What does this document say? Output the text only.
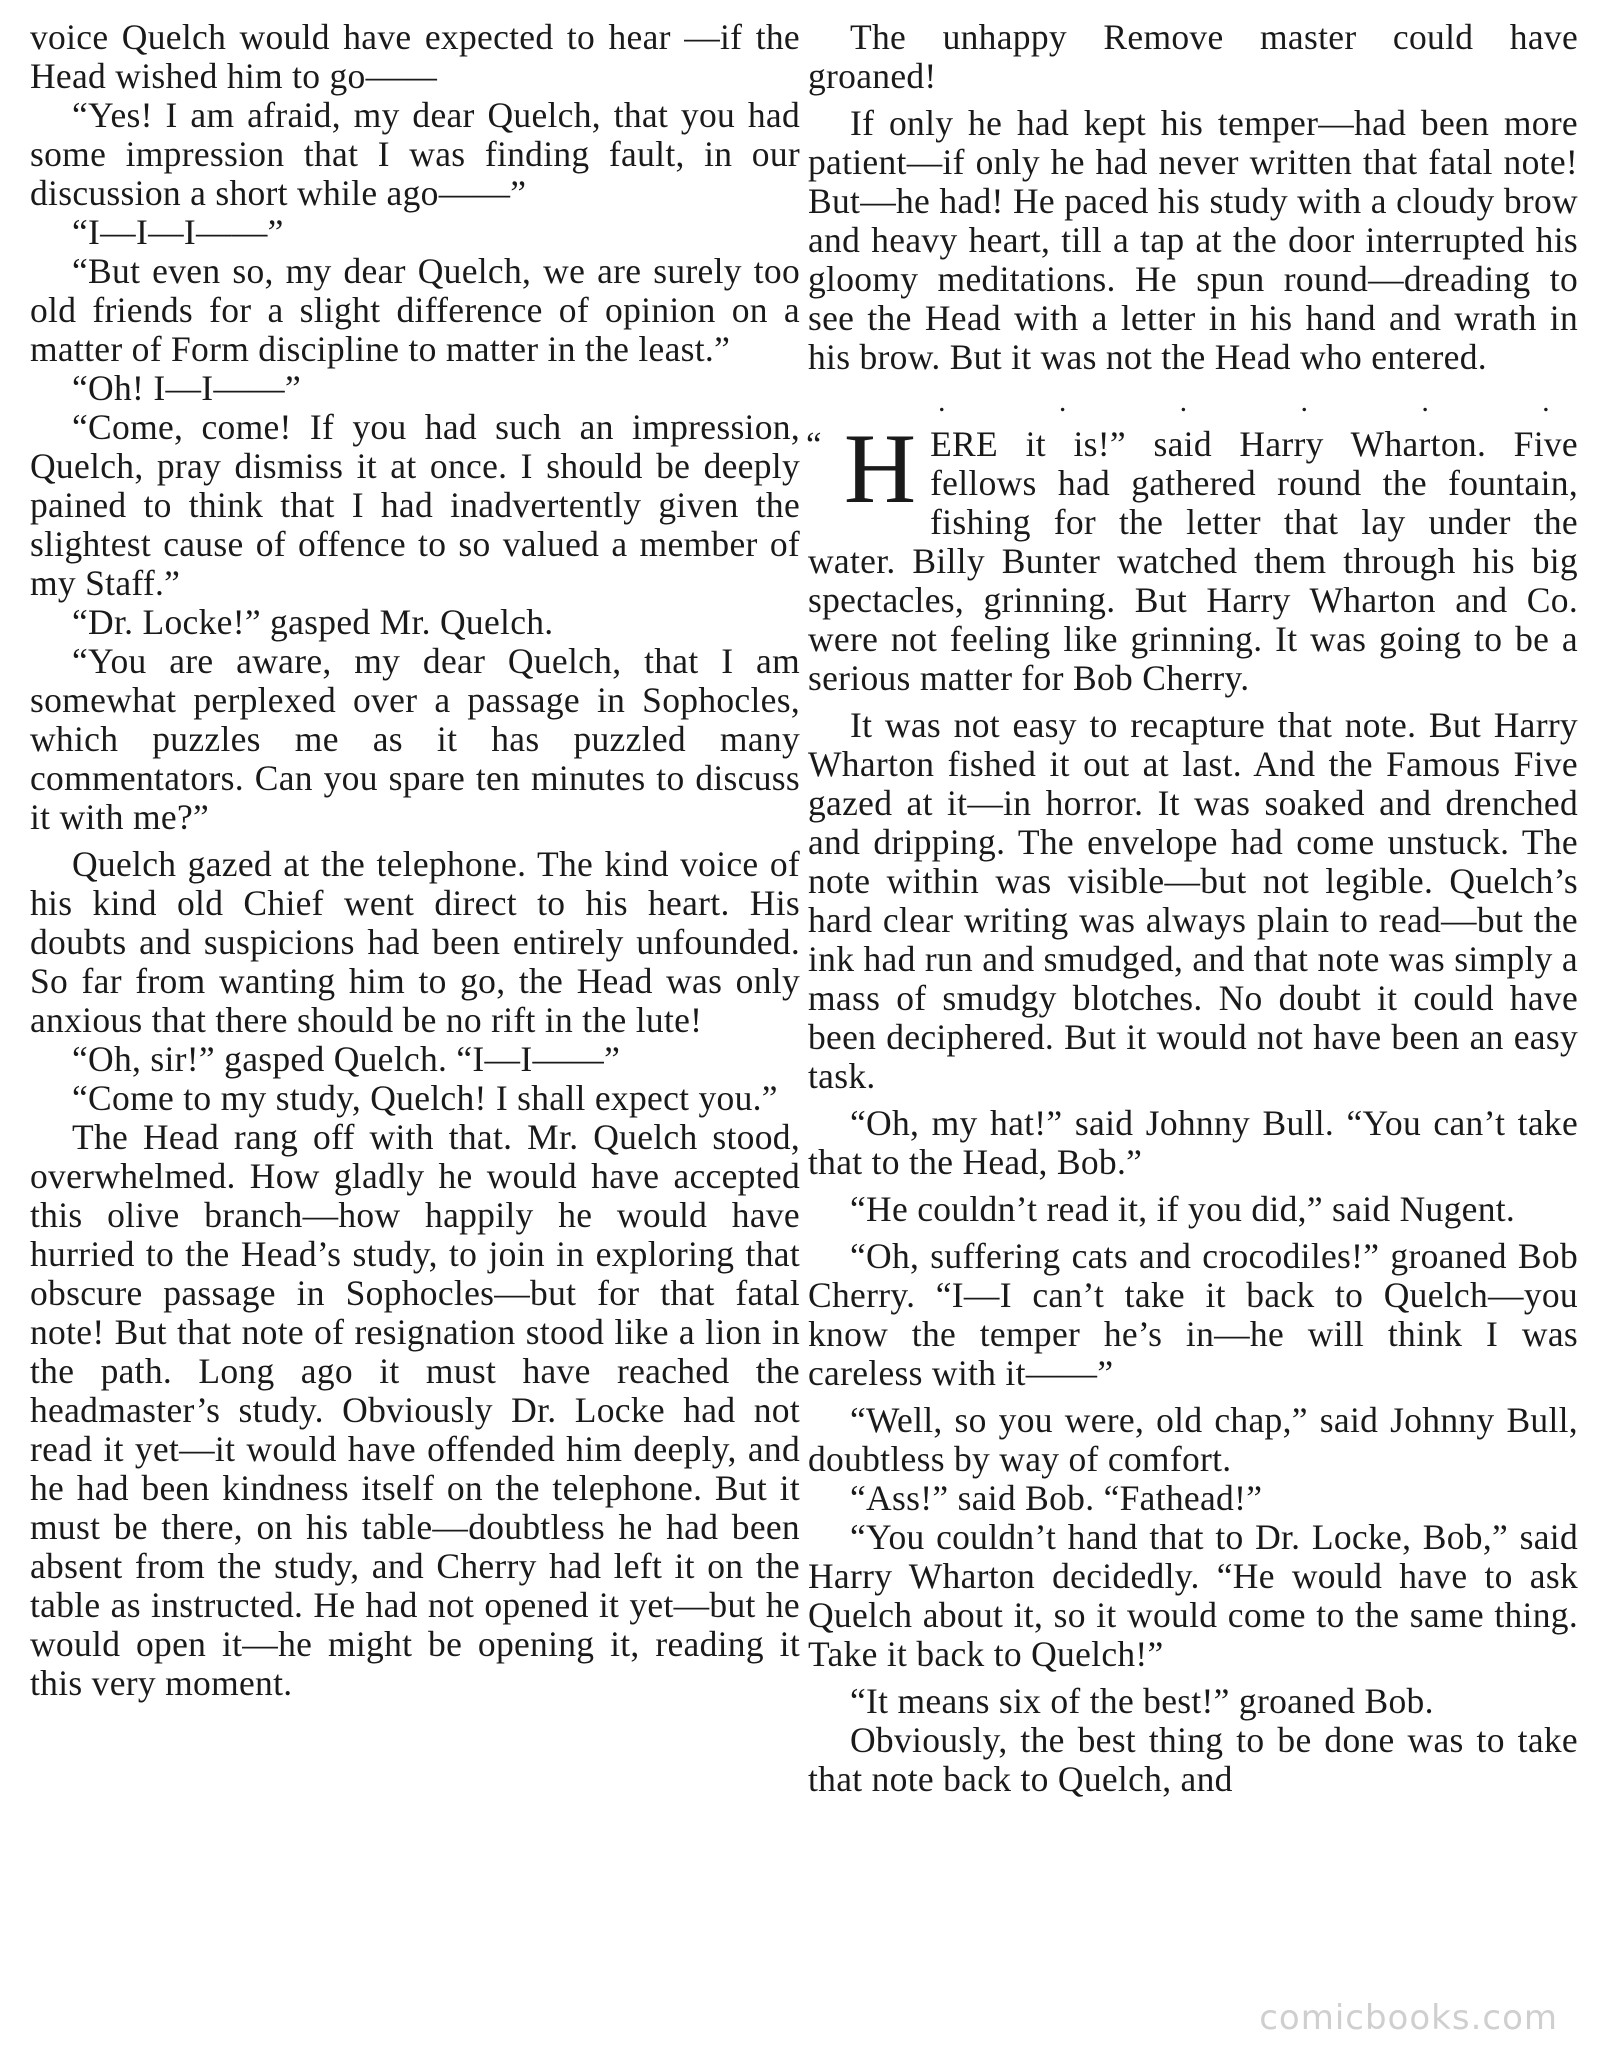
voice Quelch would have expected to hear —if the Head wished him to go——

“Yes! I am afraid, my dear Quelch, that you had some impression that I was finding fault, in our discussion a short while ago——”

“I—I—I——”

“But even so, my dear Quelch, we are surely too old friends for a slight difference of opinion on a matter of Form discipline to matter in the least.”

“Oh! I—I——”

“Come, come! If you had such an impression, Quelch, pray dismiss it at once. I should be deeply pained to think that I had inadvertently given the slightest cause of offence to so valued a member of my Staff.”

“Dr. Locke!” gasped Mr. Quelch.

“You are aware, my dear Quelch, that I am somewhat perplexed over a passage in Sophocles, which puzzles me as it has puzzled many commentators. Can you spare ten minutes to discuss it with me?”

Quelch gazed at the telephone. The kind voice of his kind old Chief went direct to his heart. His doubts and suspicions had been entirely unfounded. So far from wanting him to go, the Head was only anxious that there should be no rift in the lute!

“Oh, sir!” gasped Quelch. “I—I——”

“Come to my study, Quelch! I shall expect you.”

The Head rang off with that. Mr. Quelch stood, overwhelmed. How gladly he would have accepted this olive branch—how happily he would have hurried to the Head’s study, to join in exploring that obscure passage in Sophocles—but for that fatal note! But that note of resignation stood like a lion in the path. Long ago it must have reached the headmaster’s study. Obviously Dr. Locke had not read it yet—it would have offended him deeply, and he had been kindness itself on the telephone. But it must be there, on his table—doubtless he had been absent from the study, and Cherry had left it on the table as instructed. He had not opened it yet—but he would open it—he might be opening it, reading it this very moment.

The unhappy Remove master could have groaned!

If only he had kept his temper—had been more patient—if only he had never written that fatal note! But—he had! He paced his study with a cloudy brow and heavy heart, till a tap at the door interrupted his gloomy meditations. He spun round—dreading to see the Head with a letter in his hand and wrath in his brow. But it was not the Head who entered.

.	.	.	.	.	.
“ H ERE it is!” said Harry Wharton. Five fellows had gathered round the fountain, fishing for the letter that lay under the water. Billy Bunter watched them through his big spectacles, grinning. But Harry Wharton and Co. were not feeling like grinning. It was going to be a serious matter for Bob Cherry.

It was not easy to recapture that note. But Harry Wharton fished it out at last. And the Famous Five gazed at it—in horror. It was soaked and drenched and dripping. The envelope had come unstuck. The note within was visible—but not legible. Quelch’s hard clear writing was always plain to read—but the ink had run and smudged, and that note was simply a mass of smudgy blotches. No doubt it could have been deciphered. But it would not have been an easy task.

“Oh, my hat!” said Johnny Bull. “You can’t take that to the Head, Bob.”

“He couldn’t read it, if you did,” said Nugent.

“Oh, suffering cats and crocodiles!” groaned Bob Cherry. “I—I can’t take it back to Quelch—you know the temper he’s in—he will think I was careless with it——”

“Well, so you were, old chap,” said Johnny Bull, doubtless by way of comfort.

“Ass!” said Bob. “Fathead!”

“You couldn’t hand that to Dr. Locke, Bob,” said Harry Wharton decidedly. “He would have to ask Quelch about it, so it would come to the same thing. Take it back to Quelch!”

“It means six of the best!” groaned Bob.

Obviously, the best thing to be done was to take that note back to Quelch, and

comicbooks.com
